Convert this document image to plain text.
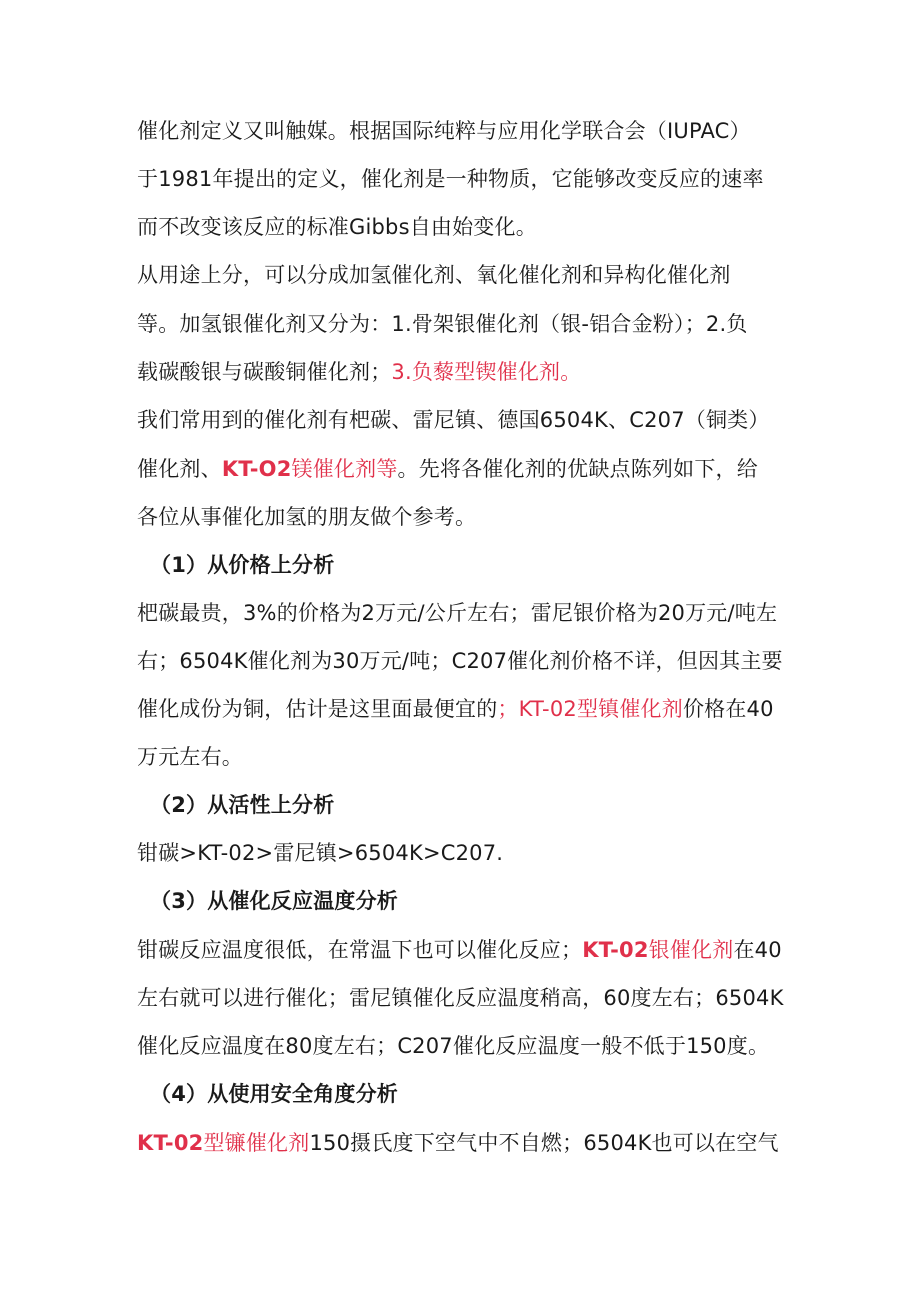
催化剂定义又叫触媒。根据国际纯粹与应用化学联合会（IUPAC）
于1981年提出的定义，催化剂是一种物质，它能够改变反应的速率
而不改变该反应的标准Gibbs自由始变化。
从用途上分，可以分成加氢催化剂、氧化催化剂和异构化催化剂
等。加氢银催化剂又分为：1.骨架银催化剂（银-铝合金粉）；2.负
载碳酸银与碳酸铜催化剂；3.负藜型锲催化剂。
我们常用到的催化剂有杷碳、雷尼镇、德国6504K、C207（铜类）
催化剂、KT-O2镁催化剂等。先将各催化剂的优缺点陈列如下，给
各位从事催化加氢的朋友做个参考。
（1）从价格上分析
杷碳最贵，3%的价格为2万元/公斤左右；雷尼银价格为20万元/吨左
右；6504K催化剂为30万元/吨；C207催化剂价格不详，但因其主要
催化成份为铜，估计是这里面最便宜的；KT-02型镇催化剂价格在40
万元左右。
（2）从活性上分析
钳碳>KT-02>雷尼镇>6504K>C207.
（3）从催化反应温度分析
钳碳反应温度很低，在常温下也可以催化反应；KT-02银催化剂在40
左右就可以进行催化；雷尼镇催化反应温度稍高，60度左右；6504K
催化反应温度在80度左右；C207催化反应温度一般不低于150度。
（4）从使用安全角度分析
KT-02型镰催化剂150摄氏度下空气中不自燃；6504K也可以在空气
